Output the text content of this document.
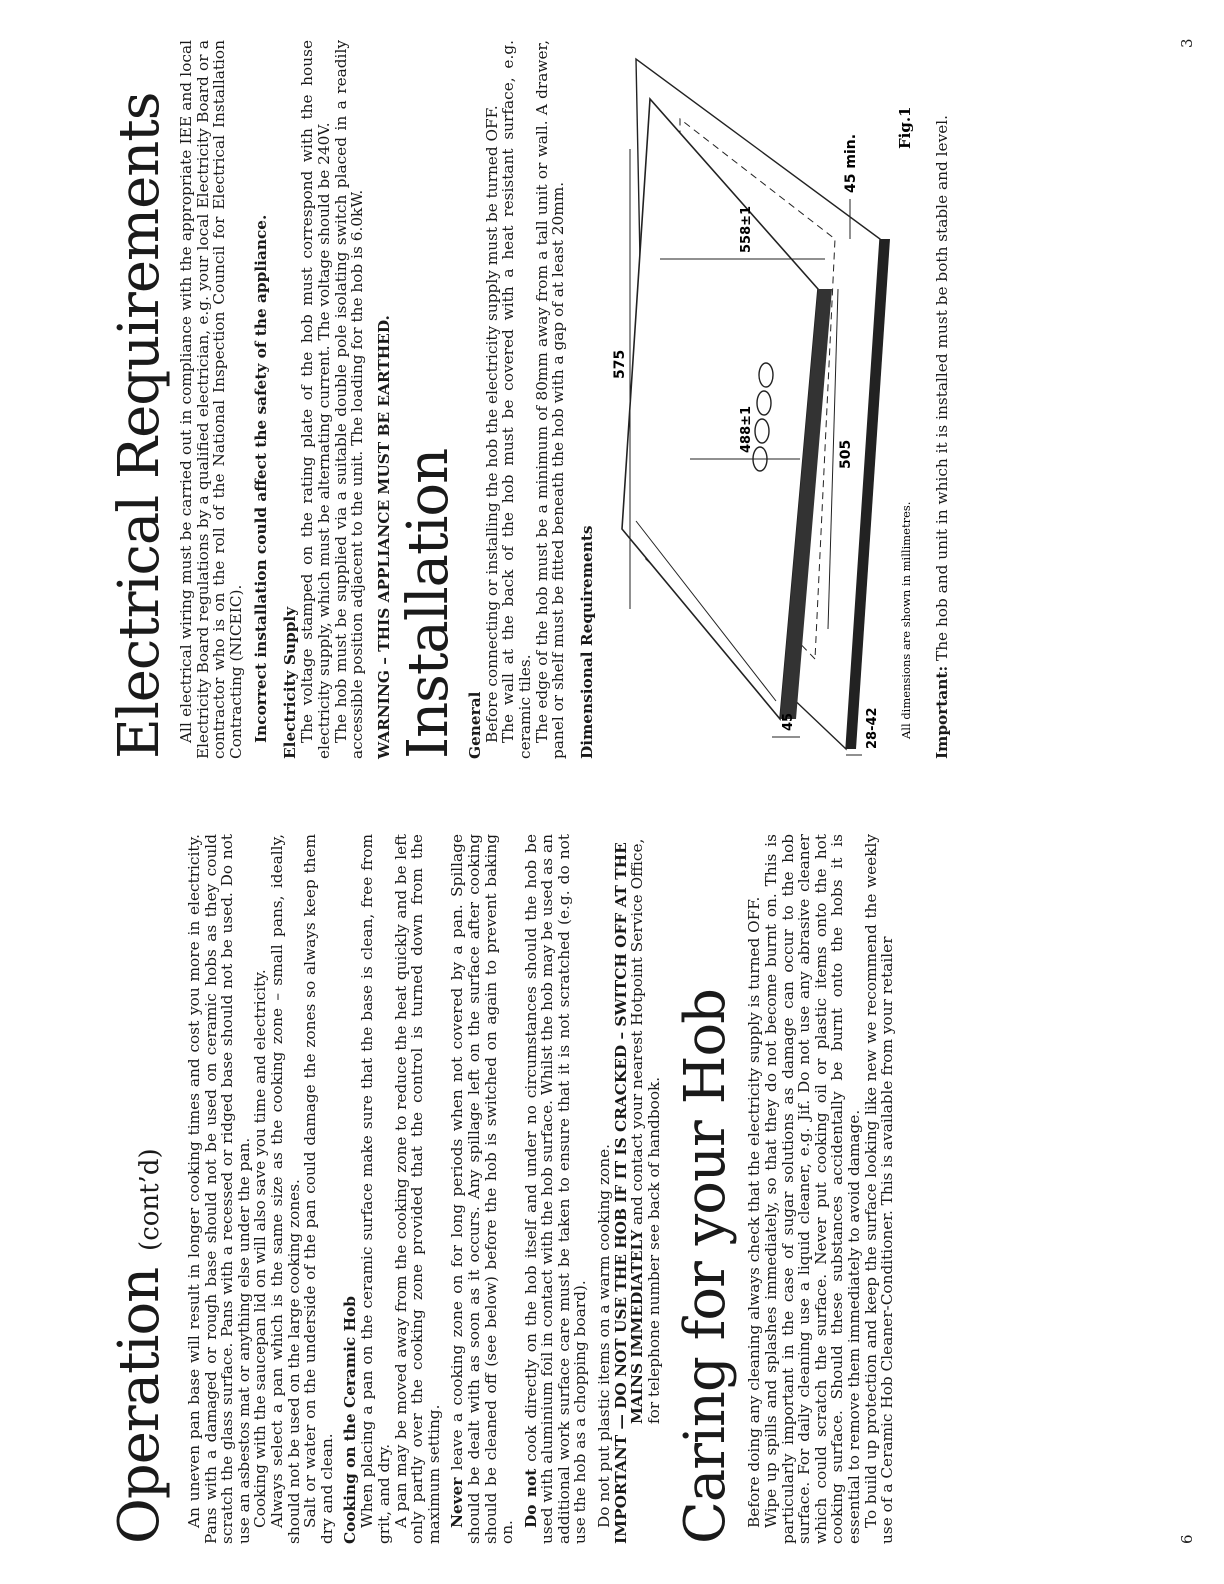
Operation (cont’d)	An uneven pan base will result in longer cooking times and cost you more in electricity. Pans with a damaged or rough base should not be used on ceramic hobs as they could scratch the glass surface. Pans with a recessed or ridged base should not be used. Do not use an asbestos mat or anything else under the pan.

Cooking with the saucepan lid on will also save you time and electricity.

Always select a pan which is the same size as the cooking zone – small pans, ideally, should not be used on the large cooking zones.

Salt or water on the underside of the pan could damage the zones so always keep them dry and clean. Cooking on the Ceramic Hob When placing a pan on the ceramic surface make sure that the base is clean, free from grit, and dry.

A pan may be moved away from the cooking zone to reduce the heat quickly and be left only partly over the cooking zone provided that the control is turned down from the maximum setting. Never leave a cooking zone on for long periods when not covered by a pan. Spillage should be dealt with as soon as it occurs. Any spillage left on the surface after cooking should be cleaned off (see below) before the hob is switched on again to prevent baking on.

Do not cook directly on the hob itself and under no circumstances should the hob be used with aluminium foil in contact with the hob surface. Whilst the hob may be used as an additional work surface care must be taken to ensure that it is not scratched (e.g. do not use the hob as a chopping board). Do not put plastic items on a warm cooking zone.

IMPORTANT — DO NOT USE THE HOB IF IT IS CRACKED – SWITCH OFF AT THE MAINS IMMEDIATELY and contact your nearest Hotpoint Service Office, for telephone number see back of handbook. Caring for your Hob Before doing any cleaning always check that the electricity supply is turned OFF.

Wipe up spills and splashes immediately, so that they do not become burnt on. This is particularly important in the case of sugar solutions as damage can occur to the hob surface. For daily cleaning use a liquid cleaner, e.g. Jif. Do not use any abrasive cleaner which could scratch the surface. Never put cooking oil or plastic items onto the hot cooking surface. Should these substances accidentally be burnt onto the hobs it is essential to remove them immediately to avoid damage.

To build up protection and keep the surface looking like new we recommend the weekly use of a Ceramic Hob Cleaner-Conditioner. This is available from your retailer	6
Electrical Requirements All electrical wiring must be carried out in compliance with the appropriate IEE and local Electricity Board regulations by a qualified electrician, e.g. your local Electricity Board or a contractor who is on the roll of the National Inspection Council for Electrical Installation Contracting (NICEIC). Incorrect installation could affect the safety of the appliance. Electricity Supply The voltage stamped on the rating plate of the hob must correspond with the house electricity supply, which must be alternating current. The voltage should be 240V.

The hob must be supplied via a suitable double pole isolating switch placed in a readily accessible position adjacent to the unit. The loading for the hob is 6.0kW. WARNING – THIS APPLIANCE MUST BE EARTHED. Installation General Before connecting or installing the hob the electricity supply must be turned OFF.

The wall at the back of the hob must be covered with a heat resistant surface, e.g. ceramic tiles.

The edge of the hob must be a minimum of 80mm away from a tall unit or wall. A drawer, panel or shelf must be fitted beneath the hob with a gap of at least 20mm. Dimensional Requirements
575
505
45 min.
488±1
558±1
45	28-42 All dimensions are shown in millimetres.
Fig.1

Important: The hob and unit in which it is installed must be both stable and level.

3
